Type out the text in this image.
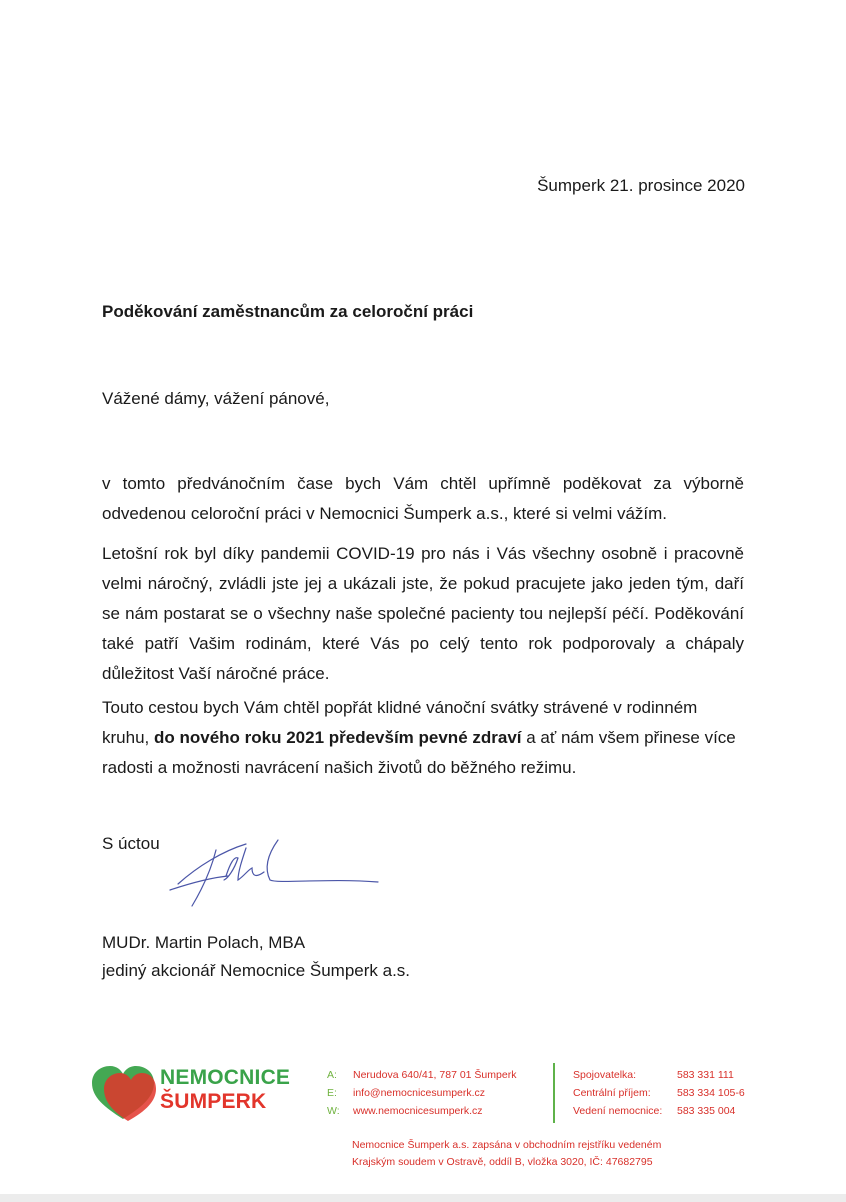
Šumperk 21. prosince 2020
Poděkování zaměstnancům za celoroční práci
Vážené dámy, vážení pánové,
v tomto předvánočním čase bych Vám chtěl upřímně poděkovat za výborně odvedenou celoroční práci v Nemocnici Šumperk a.s., které si velmi vážím.
Letošní rok byl díky pandemii COVID-19 pro nás i Vás všechny osobně i pracovně velmi náročný, zvládli jste jej a ukázali jste, že pokud pracujete jako jeden tým, daří se nám postarat se o všechny naše společné pacienty tou nejlepší péčí. Poděkování také patří Vašim rodinám, které Vás po celý tento rok podporovaly a chápaly důležitost Vaší náročné práce.
Touto cestou bych Vám chtěl popřát klidné vánoční svátky strávené v rodinném kruhu, do nového roku 2021 především pevné zdraví a ať nám všem přinese více radosti a možnosti navrácení našich životů do běžného režimu.
S úctou
MUDr. Martin Polach, MBA
jediný akcionář Nemocnice Šumperk a.s.
NEMOCNICE
ŠUMPERK
A: Nerudova 640/41, 787 01 Šumperk
E: info@nemocnicesumperk.cz
W: www.nemocnicesumperk.cz
Spojovatelka:	583 331 111
Centrální příjem:	583 334 105-6
Vedení nemocnice: 583 335 004
Nemocnice Šumperk a.s. zapsána v obchodním rejstříku vedeném
Krajským soudem v Ostravě, oddíl B, vložka 3020, IČ: 47682795
